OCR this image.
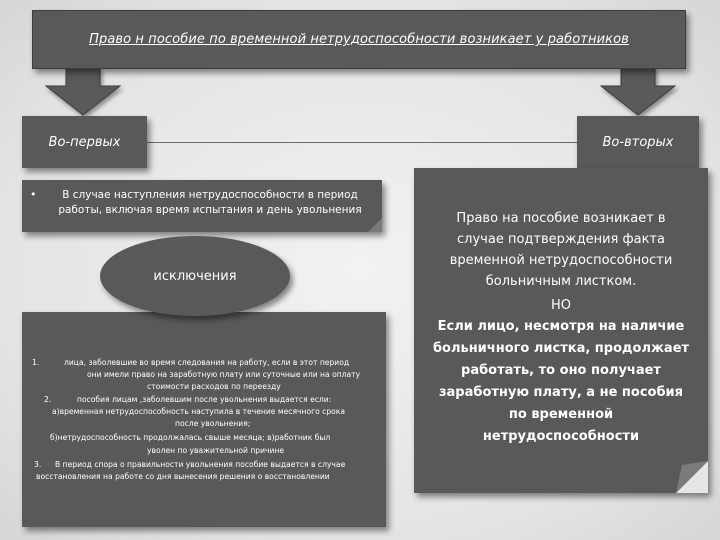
Право н пособие по временной нетрудоспособности возникает у работников
Во-первых	Во-вторых
•	В случае наступления нетрудоспособности в период
работы, включая время испытания и день увольнения
1.	лица, заболевшие во время следования на работу, если в этот период
они имели право на заработную плату или суточные или на оплату
стоимости расходов по переезду
2.	пособия лицам ,заболевшим после увольнения выдается если:
а)временная нетрудоспособность наступила в течение месячного срока
после увольнения;
б)нетрудоспособность продолжалась свыше месяца; в)работник был
уволен по уважительной причине
3. В период спора о правильности увольнения пособие выдается в случае
восстановления на работе со дня вынесения решения о восстановлении
исключения
Право на пособие возникает в
случае подтверждения факта
временной нетрудоспособности
больничным листком.
НО
Если лицо, несмотря на наличие
больничного листка, продолжает
работать, то оно получает
заработную плату, а не пособия
по временной
нетрудоспособности
